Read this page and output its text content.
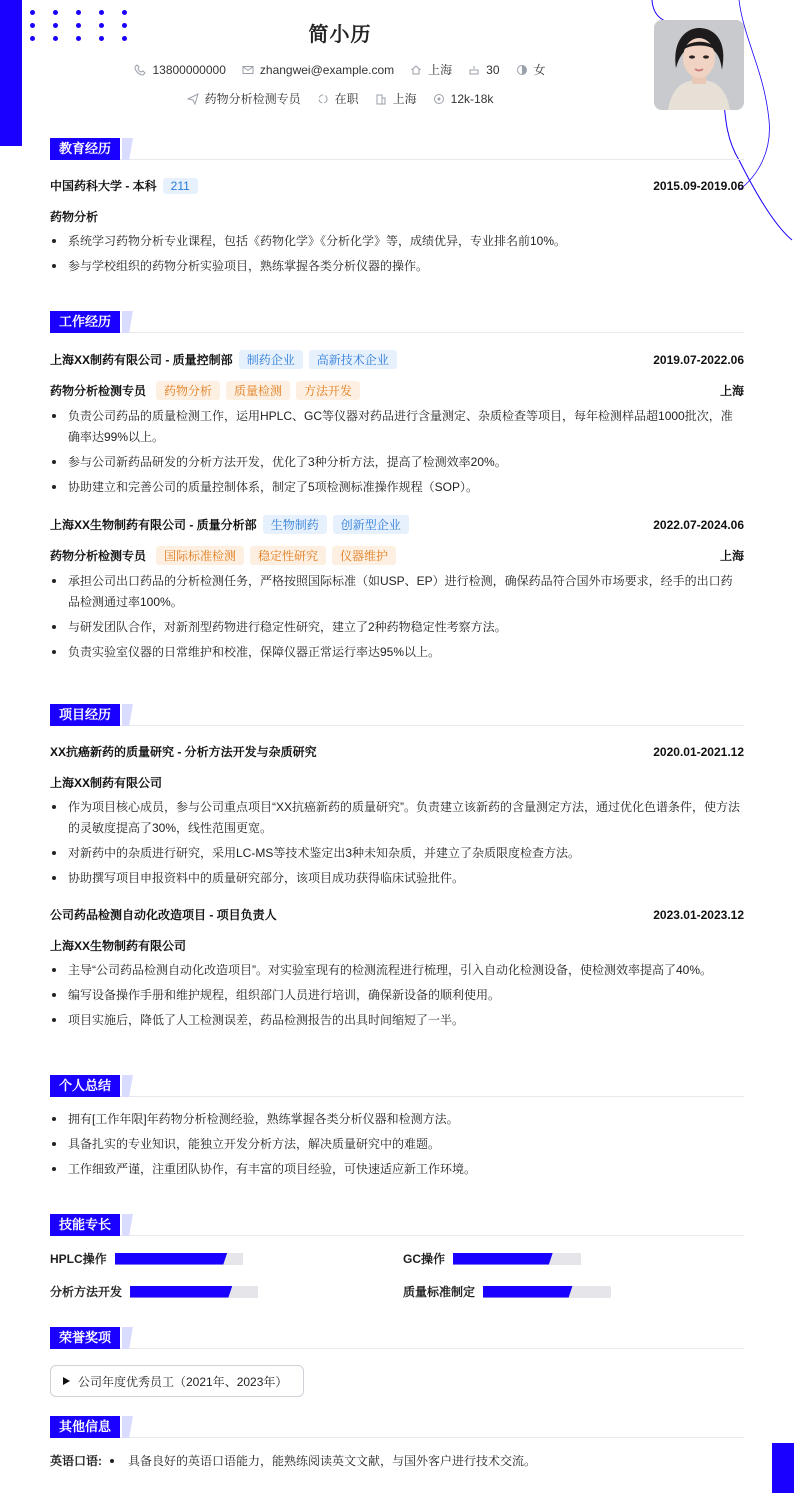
简小历
13800000000	zhangwei@example.com	上海	30	女
药物分析检测专员	在职	上海	12k-18k
教育经历
中国药科大学 - 本科	211	2015.09-2019.06
药物分析
系统学习药物分析专业课程，包括《药物化学》《分析化学》等，成绩优异，专业排名前10%。
参与学校组织的药物分析实验项目，熟练掌握各类分析仪器的操作。
工作经历
上海XX制药有限公司 - 质量控制部	制药企业	高新技术企业	2019.07-2022.06
药物分析检测专员	药物分析	质量检测	方法开发	上海
负责公司药品的质量检测工作，运用HPLC、GC等仪器对药品进行含量测定、杂质检查等项目，每年检测样品超1000批次，准确率达99%以上。
参与公司新药品研发的分析方法开发，优化了3种分析方法，提高了检测效率20%。
协助建立和完善公司的质量控制体系，制定了5项检测标准操作规程（SOP）。
上海XX生物制药有限公司 - 质量分析部	生物制药	创新型企业	2022.07-2024.06
药物分析检测专员	国际标准检测	稳定性研究	仪器维护	上海
承担公司出口药品的分析检测任务，严格按照国际标准（如USP、EP）进行检测，确保药品符合国外市场要求，经手的出口药品检测通过率100%。
与研发团队合作，对新剂型药物进行稳定性研究，建立了2种药物稳定性考察方法。
负责实验室仪器的日常维护和校准，保障仪器正常运行率达95%以上。
项目经历
XX抗癌新药的质量研究 - 分析方法开发与杂质研究	2020.01-2021.12
上海XX制药有限公司
作为项目核心成员，参与公司重点项目“XX抗癌新药的质量研究”。负责建立该新药的含量测定方法，通过优化色谱条件，使方法的灵敏度提高了30%，线性范围更宽。
对新药中的杂质进行研究，采用LC-MS等技术鉴定出3种未知杂质，并建立了杂质限度检查方法。
协助撰写项目申报资料中的质量研究部分，该项目成功获得临床试验批件。
公司药品检测自动化改造项目 - 项目负责人	2023.01-2023.12
上海XX生物制药有限公司
主导“公司药品检测自动化改造项目”。对实验室现有的检测流程进行梳理，引入自动化检测设备，使检测效率提高了40%。
编写设备操作手册和维护规程，组织部门人员进行培训，确保新设备的顺利使用。
项目实施后，降低了人工检测误差，药品检测报告的出具时间缩短了一半。
个人总结
拥有[工作年限]年药物分析检测经验，熟练掌握各类分析仪器和检测方法。
具备扎实的专业知识，能独立开发分析方法，解决质量研究中的难题。
工作细致严谨，注重团队协作，有丰富的项目经验，可快速适应新工作环境。
技能专长
HPLC操作	GC操作
分析方法开发	质量标准制定
荣誉奖项
公司年度优秀员工（2021年、2023年）
其他信息
英语口语: 具备良好的英语口语能力，能熟练阅读英文文献，与国外客户进行技术交流。
